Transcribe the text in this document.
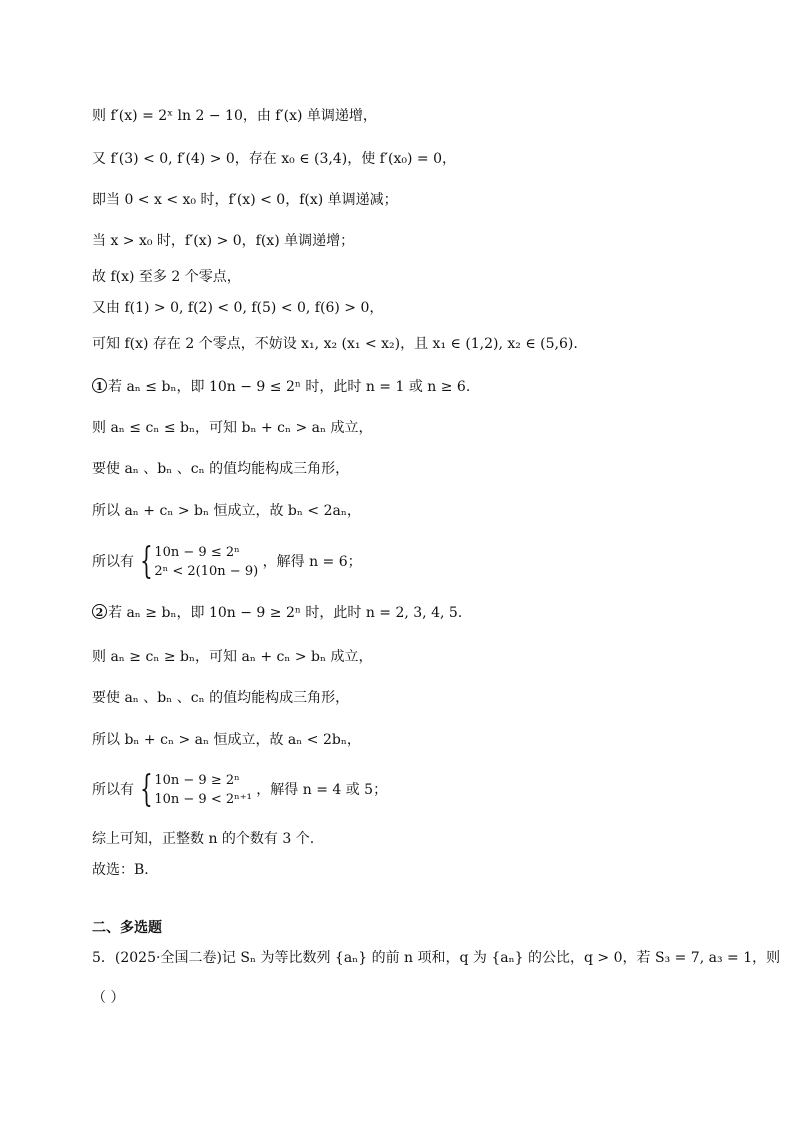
则 f′(x) = 2ˣ ln 2 − 10，由 f′(x) 单调递增，
又 f′(3) < 0, f′(4) > 0，存在 x₀ ∈ (3,4)，使 f′(x₀) = 0，
即当 0 < x < x₀ 时，f′(x) < 0，f(x) 单调递减；
当 x > x₀ 时，f′(x) > 0，f(x) 单调递增；
故 f(x) 至多 2 个零点，
又由 f(1) > 0, f(2) < 0, f(5) < 0, f(6) > 0，
可知 f(x) 存在 2 个零点，不妨设 x₁, x₂ (x₁ < x₂)，且 x₁ ∈ (1,2), x₂ ∈ (5,6).
1 若 aₙ ≤ bₙ，即 10n − 9 ≤ 2ⁿ 时，此时 n = 1 或 n ≥ 6.
则 aₙ ≤ cₙ ≤ bₙ，可知 bₙ + cₙ > aₙ 成立，
要使 aₙ 、bₙ 、cₙ 的值均能构成三角形，
所以 aₙ + cₙ > bₙ 恒成立，故 bₙ < 2aₙ，
所以有 { 10n − 9 ≤ 2ⁿ
2ⁿ < 2(10n − 9)
，解得 n = 6；
2 若 aₙ ≥ bₙ，即 10n − 9 ≥ 2ⁿ 时，此时 n = 2, 3, 4, 5.
则 aₙ ≥ cₙ ≥ bₙ，可知 aₙ + cₙ > bₙ 成立，
要使 aₙ 、bₙ 、cₙ 的值均能构成三角形，
所以 bₙ + cₙ > aₙ 恒成立，故 aₙ < 2bₙ，
所以有 { 10n − 9 ≥ 2ⁿ
10n − 9 < 2ⁿ⁺¹
，解得 n = 4 或 5；
综上可知，正整数 n 的个数有 3 个.
故选：B.
二、多选题
5．(2025·全国二卷)记 Sₙ 为等比数列 {aₙ} 的前 n 项和，q 为 {aₙ} 的公比，q > 0，若 S₃ = 7, a₃ = 1，则
（ ）
